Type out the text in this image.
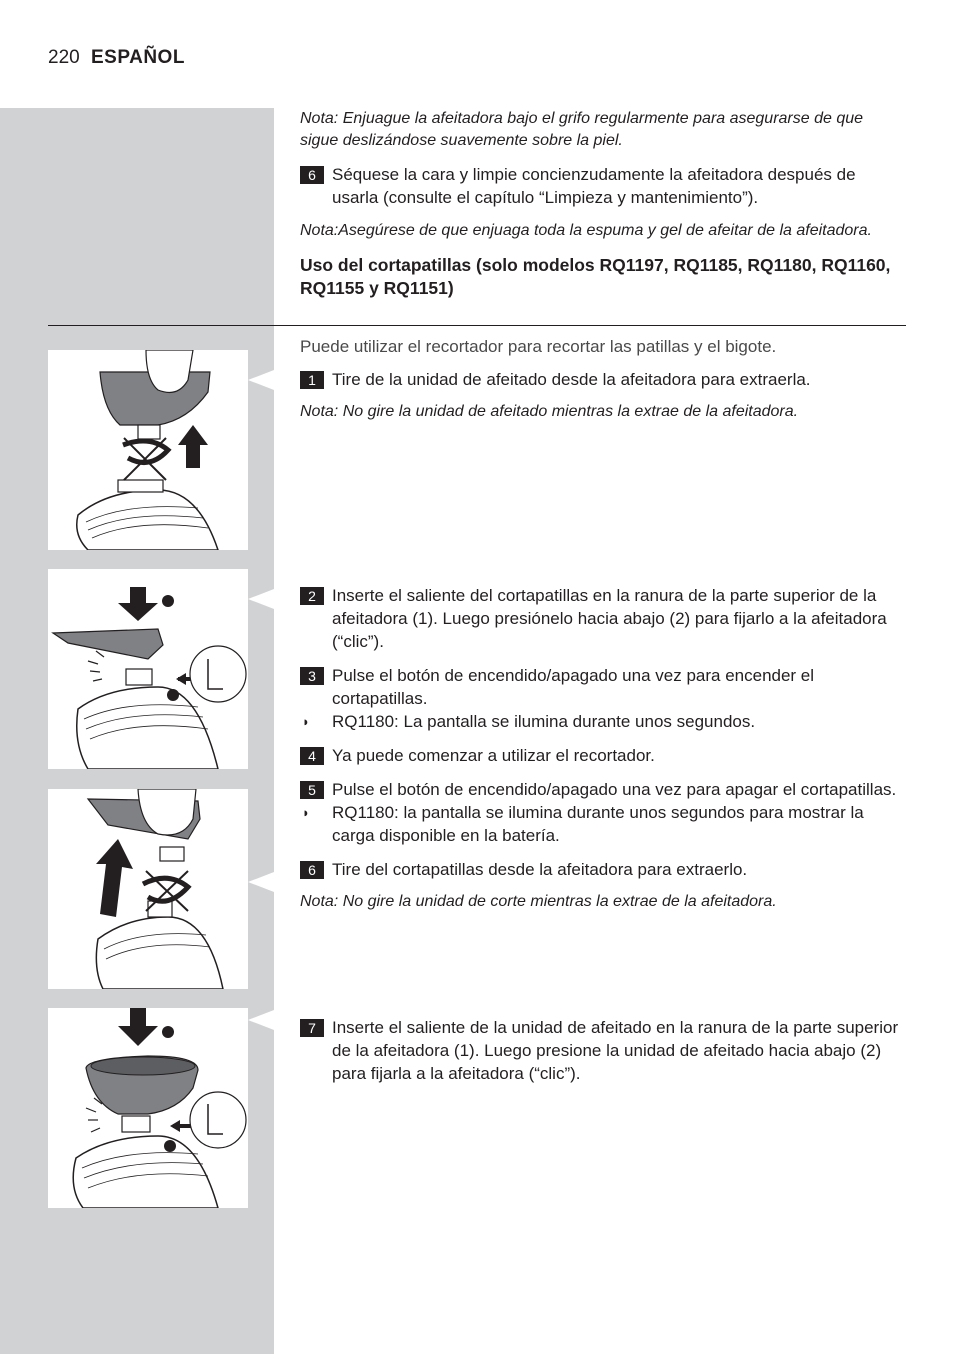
220 ESPAÑOL

Nota: Enjuague la afeitadora bajo el grifo regularmente para asegurarse de que sigue deslizándose suavemente sobre la piel.

6 Séquese la cara y limpie concienzudamente la afeitadora después de usarla (consulte el capítulo “Limpieza y mantenimiento”).

Nota:Asegúrese de que enjuaga toda la espuma y gel de afeitar de la afeitadora.

Uso del cortapatillas (solo modelos RQ1197, RQ1185, RQ1180, RQ1160, RQ1155 y RQ1151)

Puede utilizar el recortador para recortar las patillas y el bigote.

1 Tire de la unidad de afeitado desde la afeitadora para extraerla.

Nota: No gire la unidad de afeitado mientras la extrae de la afeitadora.

2 Inserte el saliente del cortapatillas en la ranura de la parte superior de la afeitadora (1). Luego presiónelo hacia abajo (2) para fijarlo a la afeitadora (“clic”).
3 Pulse el botón de encendido/apagado una vez para encender el cortapatillas.
◗ RQ1180: La pantalla se ilumina durante unos segundos.
4 Ya puede comenzar a utilizar el recortador.
5 Pulse el botón de encendido/apagado una vez para apagar el cortapatillas.
◗ RQ1180: la pantalla se ilumina durante unos segundos para mostrar la carga disponible en la batería.
6 Tire del cortapatillas desde la afeitadora para extraerlo.

Nota: No gire la unidad de corte mientras la extrae de la afeitadora.

7 Inserte el saliente de la unidad de afeitado en la ranura de la parte superior de la afeitadora (1). Luego presione la unidad de afeitado hacia abajo (2) para fijarla a la afeitadora (“clic”).
